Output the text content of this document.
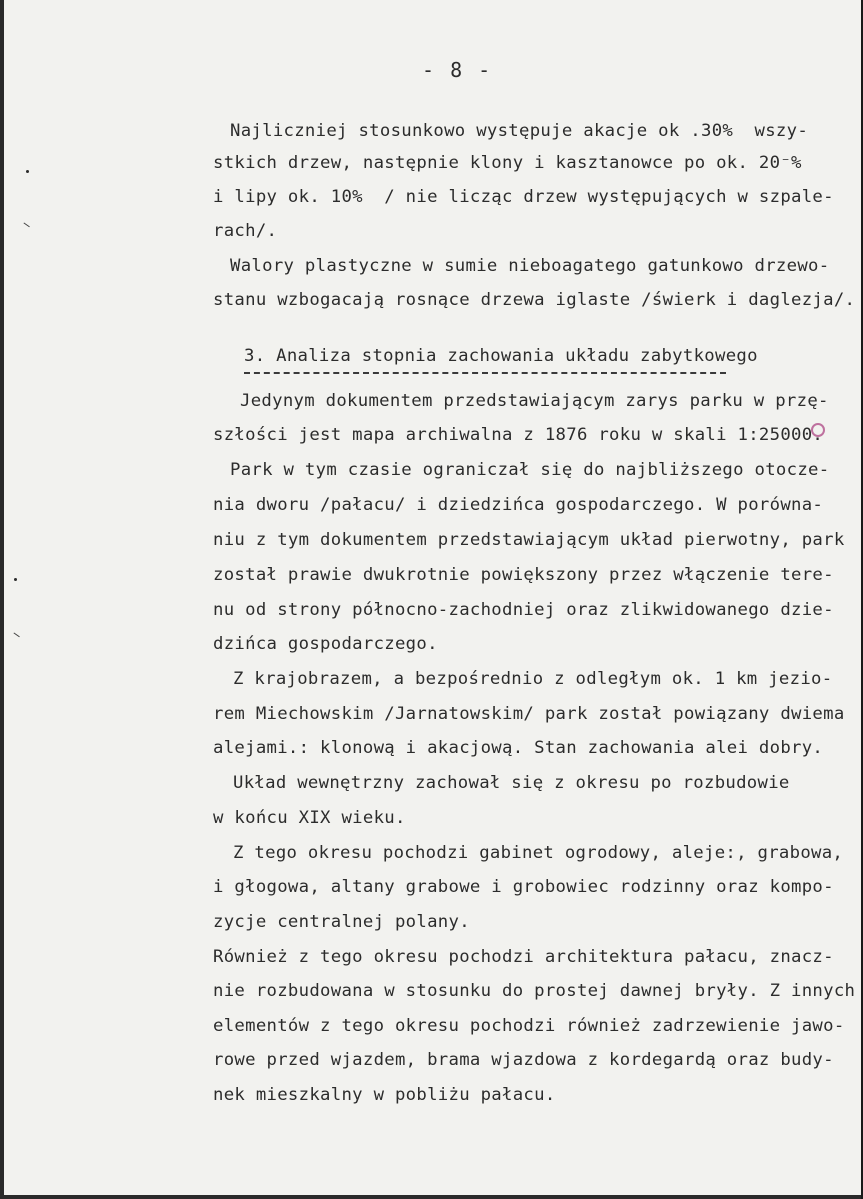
- 8 -
Najliczniej stosunkowo występuje akacje ok .30%  wszy-
stkich drzew, następnie klony i kasztanowce po ok. 20⁻%
i lipy ok. 10%  / nie licząc drzew występujących w szpale-
rach/.
Walory plastyczne w sumie nieboagatego gatunkowo drzewo-
stanu wzbogacają rosnące drzewa iglaste /świerk i daglezja/.
3. Analiza stopnia zachowania układu zabytkowego
Jedynym dokumentem przedstawiającym zarys parku w przę-
szłości jest mapa archiwalna z 1876 roku w skali 1:25000.
Park w tym czasie ograniczał się do najbliższego otocze-
nia dworu /pałacu/ i dziedzińca gospodarczego. W porówna-
niu z tym dokumentem przedstawiającym układ pierwotny, park
został prawie dwukrotnie powiększony przez włączenie tere-
nu od strony północno-zachodniej oraz zlikwidowanego dzie-
dzińca gospodarczego.
Z krajobrazem, a bezpośrednio z odległym ok. 1 km jezio-
rem Miechowskim /Jarnatowskim/ park został powiązany dwiema
alejami.: klonową i akacjową. Stan zachowania alei dobry.
Układ wewnętrzny zachował się z okresu po rozbudowie
w końcu XIX wieku.
Z tego okresu pochodzi gabinet ogrodowy, aleje:, grabowa,
i głogowa, altany grabowe i grobowiec rodzinny oraz kompo-
zycje centralnej polany.
Również z tego okresu pochodzi architektura pałacu, znacz-
nie rozbudowana w stosunku do prostej dawnej bryły. Z innych
elementów z tego okresu pochodzi również zadrzewienie jawo-
rowe przed wjazdem, brama wjazdowa z kordegardą oraz budy-
nek mieszkalny w pobliżu pałacu.
